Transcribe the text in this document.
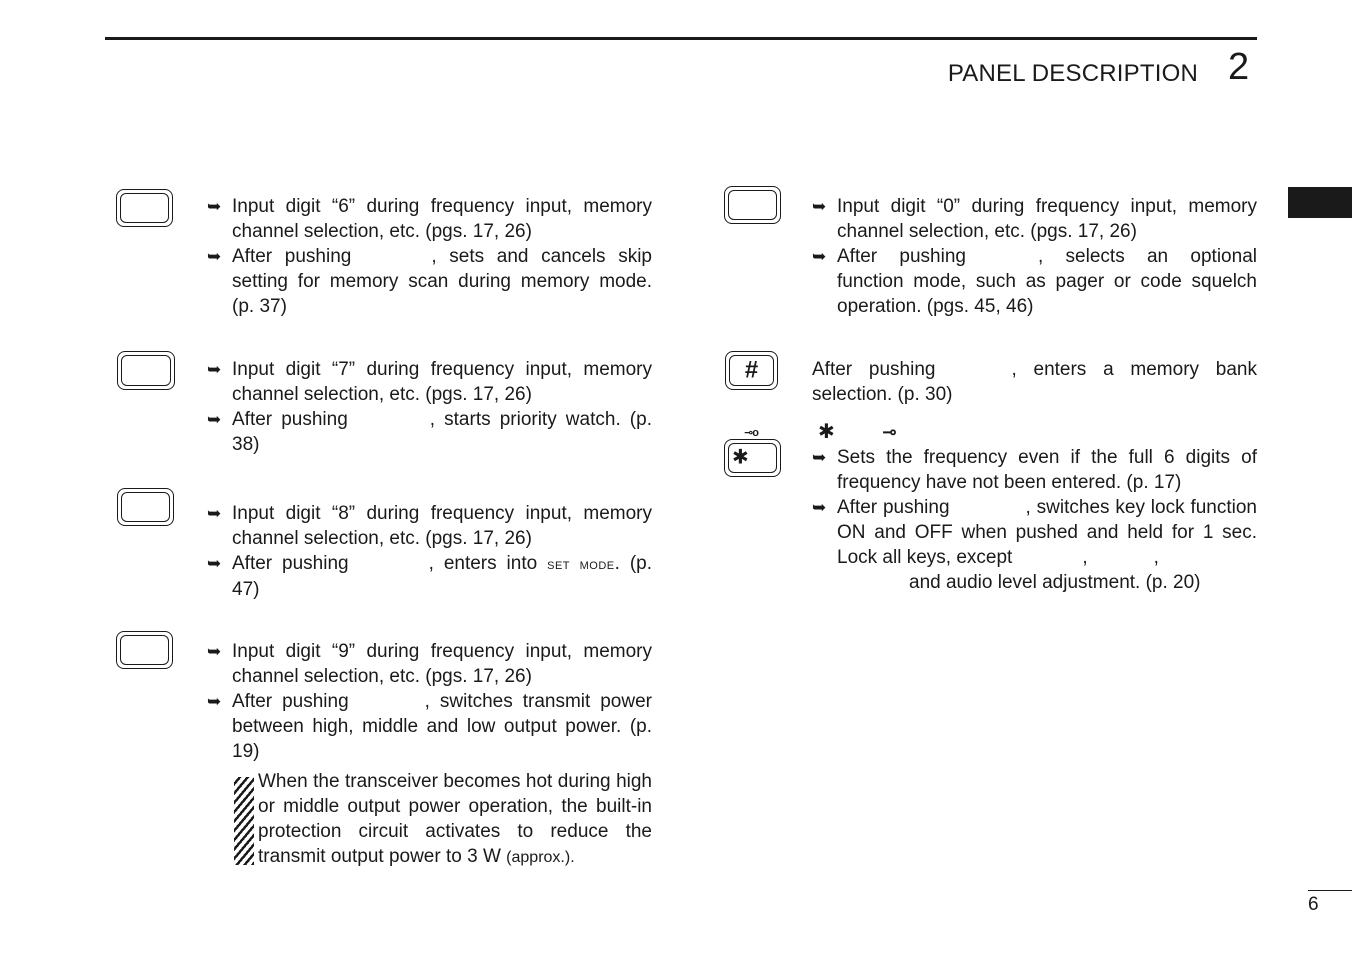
PANEL DESCRIPTION 2
6
➥ Input digit “6” during frequency input, memory channel selection, etc. (pgs. 17, 26)
➥ After pushing	, sets and cancels skip setting for memory scan during memory mode. (p. 37)
➥ Input digit “7” during frequency input, memory channel selection, etc. (pgs. 17, 26)
➥ After pushing	, starts priority watch. (p. 38)
➥ Input digit “8” during frequency input, memory channel selection, etc. (pgs. 17, 26)
➥ After pushing	, enters into set mode. (p. 47)
➥ Input digit “9” during frequency input, memory channel selection, etc. (pgs. 17, 26)
➥ After pushing	, switches transmit power between high, middle and low output power. (p. 19)
When the transceiver becomes hot during high or middle output power operation, the built-in protection circuit activates to reduce the transmit output power to 3 W (approx.).
➥ Input digit “0” during frequency input, memory channel selection, etc. (pgs. 17, 26)
➥ After pushing	, selects an optional function mode, such as pager or code squelch operation. (pgs. 45, 46)
#	After pushing	, enters a memory bank selection. (p. 30)
⊸o
✱
✱	⊸
➥ Sets the frequency even if the full 6 digits of frequency have not been entered. (p. 17)
➥ After pushing	, switches key lock function ON and OFF when pushed and held for 1 sec. Lock all keys, except	,	,
and audio level adjustment. (p. 20)
